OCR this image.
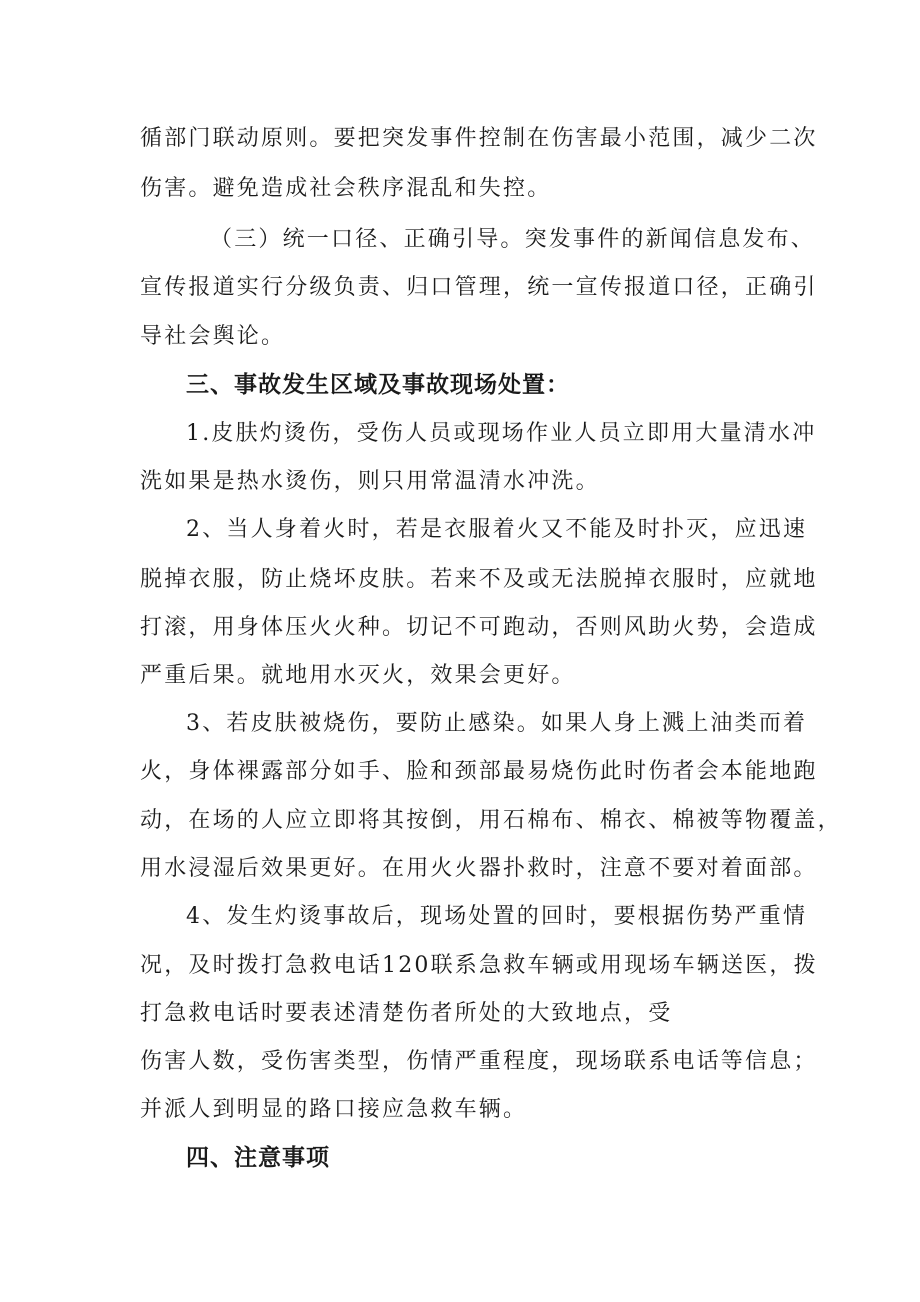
循部门联动原则。要把突发事件控制在伤害最小范围，减少二次
伤害。避免造成社会秩序混乱和失控。
（三）统一口径、正确引导。突发事件的新闻信息发布、
宣传报道实行分级负责、归口管理，统一宣传报道口径，正确引
导社会舆论。
三、事故发生区域及事故现场处置：
1.皮肤灼烫伤，受伤人员或现场作业人员立即用大量清水冲
洗如果是热水烫伤，则只用常温清水冲洗。
2、当人身着火时，若是衣服着火又不能及时扑灭，应迅速
脱掉衣服，防止烧坏皮肤。若来不及或无法脱掉衣服时，应就地
打滚，用身体压火火种。切记不可跑动，否则风助火势，会造成
严重后果。就地用水灭火，效果会更好。
3、若皮肤被烧伤，要防止感染。如果人身上溅上油类而着
火，身体裸露部分如手、脸和颈部最易烧伤此时伤者会本能地跑
动，在场的人应立即将其按倒，用石棉布、棉衣、棉被等物覆盖，
用水浸湿后效果更好。在用火火器扑救时，注意不要对着面部。
4、发生灼烫事故后，现场处置的回时，要根据伤势严重情
况，及时拨打急救电话120联系急救车辆或用现场车辆送医，拨
打急救电话时要表述清楚伤者所处的大致地点，受
伤害人数，受伤害类型，伤情严重程度，现场联系电话等信息；
并派人到明显的路口接应急救车辆。
四、注意事项
